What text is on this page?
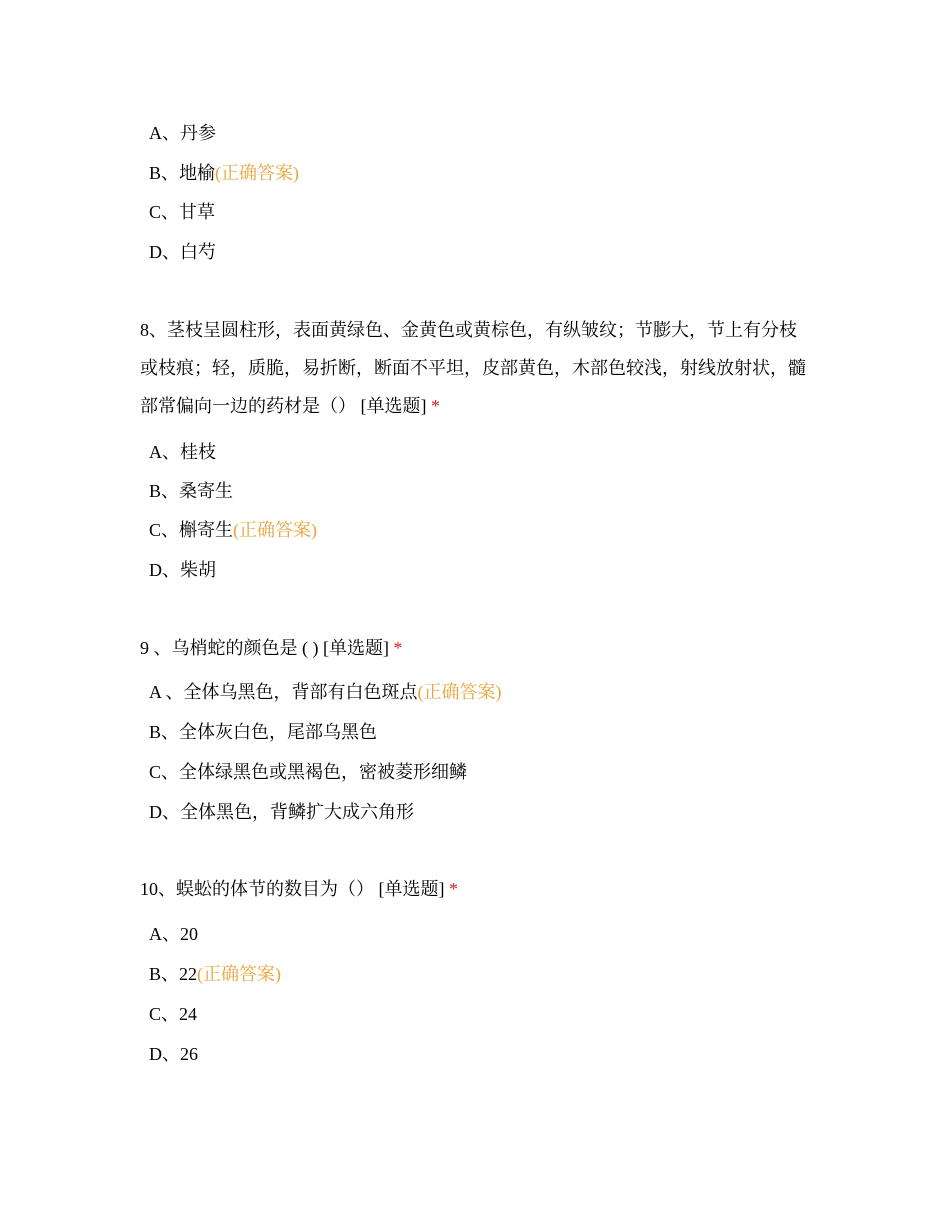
A、丹参
B、地榆(正确答案)
C、甘草
D、白芍
8、茎枝呈圆柱形，表面黄绿色、金黄色或黄棕色，有纵皱纹；节膨大，节上有分枝或枝痕；轻，质脆，易折断，断面不平坦，皮部黄色，木部色较浅，射线放射状，髓部常偏向一边的药材是（） [单选题] *
A、桂枝
B、桑寄生
C、槲寄生(正确答案)
D、柴胡
9 、乌梢蛇的颜色是 ( ) [单选题] *
A 、全体乌黑色，背部有白色斑点(正确答案)
B、全体灰白色，尾部乌黑色
C、全体绿黑色或黑褐色，密被菱形细鳞
D、全体黑色，背鳞扩大成六角形
10、蜈蚣的体节的数目为（） [单选题] *
A、20
B、22(正确答案)
C、24
D、26
